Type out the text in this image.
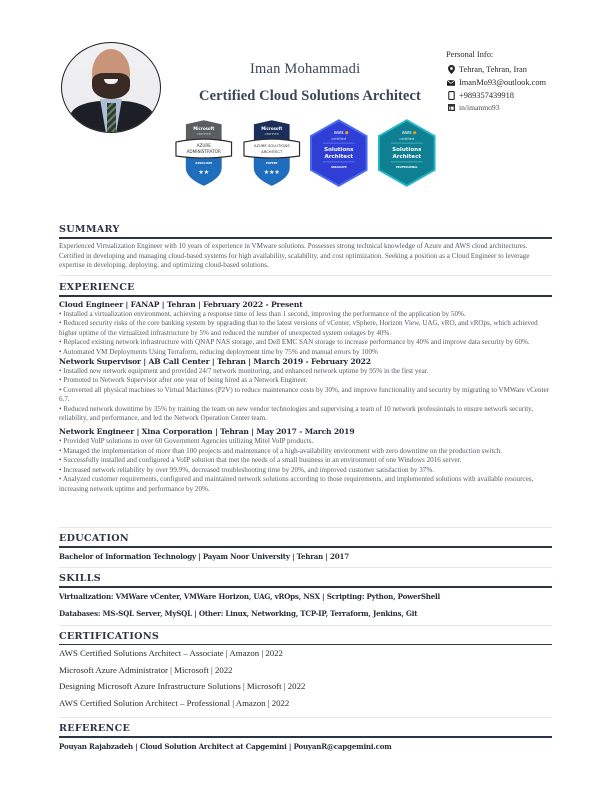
Iman Mohammadi
Certified Cloud Solutions Architect
Personal Info:
Tehran, Tehran, Iran
ImanMo93@outlook.com
+989357439918
in/imanmo93
Microsoft
CERTIFIED
AZURE
ADMINISTRATOR
ASSOCIATE
★★
Microsoft
CERTIFIED
AZURE SOLUTIONS
ARCHITECT
EXPERT
★★★
aws
certified
Solutions
Architect
ASSOCIATE
aws
certified
Solutions
Architect
PROFESSIONAL
SUMMARY
Experienced Virtualization Engineer with 10 years of experience in VMware solutions. Possesses strong technical knowledge of Azure and AWS cloud architectures. Certified in developing and managing cloud-based systems for high availability, scalability, and cost optimization. Seeking a position as a Cloud Engineer to leverage expertise in developing, deploying, and optimizing cloud-based solutions.
EXPERIENCE
Cloud Engineer | FANAP | Tehran | February 2022 - Present
• Installed a virtualization environment, achieving a response time of less than 1 second, improving the performance of the application by 50%.
• Reduced security risks of the core banking system by upgrading that to the latest versions of vCenter, vSphere, Horizon View, UAG, vRO, and vROps, which achieved higher uptime of the virtualized infrastructure by 5% and reduced the number of unexpected system outages by 40%.
• Replaced existing network infrastructure with QNAP NAS storage, and Dell EMC SAN storage to increase performance by 40% and improve data security by 60%.
• Automated VM Deployments Using Terraform, reducing deployment time by 75% and manual errors by 100%
Network Supervisor | AB Call Center | Tehran | March 2019 - February 2022
• Installed new network equipment and provided 24/7 network monitoring, and enhanced network uptime by 95% in the first year.
• Promoted to Network Supervisor after one year of being hired as a Network Engineer.
• Converted all physical machines to Virtual Machines (P2V) to reduce maintenance costs by 30%, and improve functionality and security by migrating to VMWare vCenter 6.7.
• Reduced network downtime by 35% by training the team on new vendor technologies and supervising a team of 10 network professionals to ensure network security, reliability, and performance, and led the Network Operation Center team.
Network Engineer | Xina Corporation | Tehran | May 2017 - March 2019
• Provided VoIP solutions to over 60 Government Agencies utilizing Mitel VoIP products.
• Managed the implementation of more than 100 projects and maintenance of a high-availability environment with zero downtime on the production switch.
• Successfully installed and configured a VoIP solution that met the needs of a small business in an environment of one Windows 2016 server.
• Increased network reliability by over 99.9%, decreased troubleshooting time by 20%, and improved customer satisfaction by 37%.
• Analyzed customer requirements, configured and maintained network solutions according to those requirements, and implemented solutions with available resources, increasing network uptime and performance by 20%.
EDUCATION
Bachelor of Information Technology | Payam Noor University | Tehran | 2017
SKILLS
Virtualization: VMWare vCenter, VMWare Horizon, UAG, vROps, NSX | Scripting: Python, PowerShell
Databases: MS-SQL Server, MySQL | Other: Linux, Networking, TCP-IP, Terraform, Jenkins, Git
CERTIFICATIONS
AWS Certified Solutions Architect – Associate | Amazon | 2022
Microsoft Azure Administrator | Microsoft | 2022
Designing Microsoft Azure Infrastructure Solutions | Microsoft | 2022
AWS Certified Solution Architect – Professional | Amazon | 2022
REFERENCE
Pouyan Rajabzadeh | Cloud Solution Architect at Capgemini | PouyanR@capgemini.com
